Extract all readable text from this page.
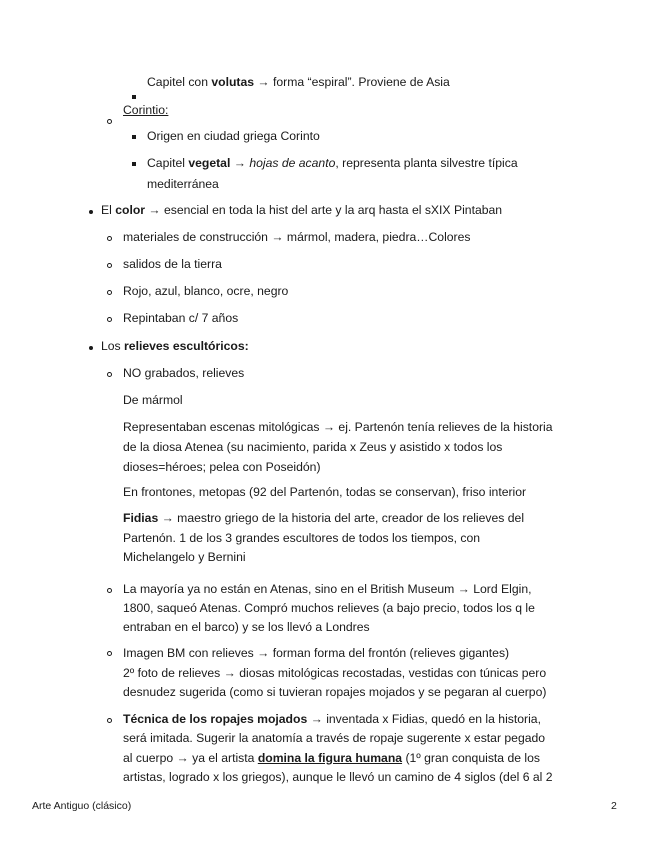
Capitel con volutas → forma “espiral”. Proviene de Asia
Corintio:
Origen en ciudad griega Corinto
Capitel vegetal → hojas de acanto, representa planta silvestre típica
mediterránea
El color → esencial en toda la hist del arte y la arq hasta el sXIX Pintaban
materiales de construcción → mármol, madera, piedra…Colores
salidos de la tierra
Rojo, azul, blanco, ocre, negro
Repintaban c/ 7 años
Los relieves escultóricos:
NO grabados, relieves
De mármol
Representaban escenas mitológicas → ej. Partenón tenía relieves de la historia
de la diosa Atenea (su nacimiento, parida x Zeus y asistido x todos los
dioses=héroes; pelea con Poseidón)
En frontones, metopas (92 del Partenón, todas se conservan), friso interior
Fidias → maestro griego de la historia del arte, creador de los relieves del
Partenón. 1 de los 3 grandes escultores de todos los tiempos, con
Michelangelo y Bernini
La mayoría ya no están en Atenas, sino en el British Museum → Lord Elgin,
1800, saqueó Atenas. Compró muchos relieves (a bajo precio, todos los q le
entraban en el barco) y se los llevó a Londres
Imagen BM con relieves → forman forma del frontón (relieves gigantes)
2º foto de relieves → diosas mitológicas recostadas, vestidas con túnicas pero
desnudez sugerida (como si tuvieran ropajes mojados y se pegaran al cuerpo)
Técnica de los ropajes mojados → inventada x Fidias, quedó en la historia,
será imitada. Sugerir la anatomía a través de ropaje sugerente x estar pegado
al cuerpo → ya el artista domina la figura humana (1º gran conquista de los
artistas, logrado x los griegos), aunque le llevó un camino de 4 siglos (del 6 al 2
Arte Antiguo (clásico)	2
